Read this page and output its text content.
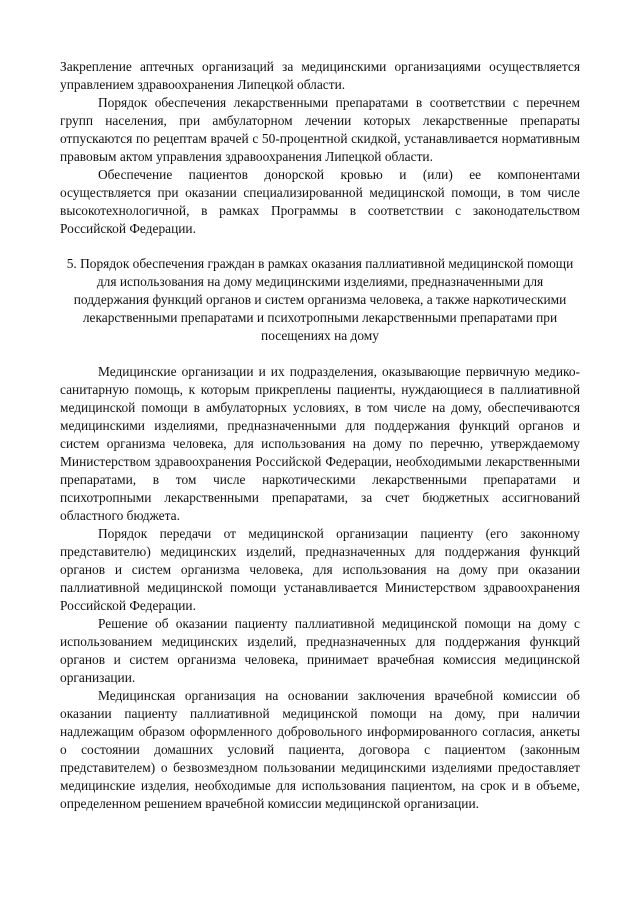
Закрепление аптечных организаций за медицинскими организациями осуществляется управлением здравоохранения Липецкой области.

Порядок обеспечения лекарственными препаратами в соответствии с перечнем групп населения, при амбулаторном лечении которых лекарственные препараты отпускаются по рецептам врачей с 50-процентной скидкой, устанавливается нормативным правовым актом управления здравоохранения Липецкой области.

Обеспечение пациентов донорской кровью и (или) ее компонентами осуществляется при оказании специализированной медицинской помощи, в том числе высокотехнологичной, в рамках Программы в соответствии с законодательством Российской Федерации.

5. Порядок обеспечения граждан в рамках оказания паллиативной медицинской помощи для использования на дому медицинскими изделиями, предназначенными для поддержания функций органов и систем организма человека, а также наркотическими лекарственными препаратами и психотропными лекарственными препаратами при посещениях на дому

Медицинские организации и их подразделения, оказывающие первичную медико-санитарную помощь, к которым прикреплены пациенты, нуждающиеся в паллиативной медицинской помощи в амбулаторных условиях, в том числе на дому, обеспечиваются медицинскими изделиями, предназначенными для поддержания функций органов и систем организма человека, для использования на дому по перечню, утверждаемому Министерством здравоохранения Российской Федерации, необходимыми лекарственными препаратами, в том числе наркотическими лекарственными препаратами и психотропными лекарственными препаратами, за счет бюджетных ассигнований областного бюджета.

Порядок передачи от медицинской организации пациенту (его законному представителю) медицинских изделий, предназначенных для поддержания функций органов и систем организма человека, для использования на дому при оказании паллиативной медицинской помощи устанавливается Министерством здравоохранения Российской Федерации.

Решение об оказании пациенту паллиативной медицинской помощи на дому с использованием медицинских изделий, предназначенных для поддержания функций органов и систем организма человека, принимает врачебная комиссия медицинской организации.

Медицинская организация на основании заключения врачебной комиссии об оказании пациенту паллиативной медицинской помощи на дому, при наличии надлежащим образом оформленного добровольного информированного согласия, анкеты о состоянии домашних условий пациента, договора с пациентом (законным представителем) о безвозмездном пользовании медицинскими изделиями предоставляет медицинские изделия, необходимые для использования пациентом, на срок и в объеме, определенном решением врачебной комиссии медицинской организации.
